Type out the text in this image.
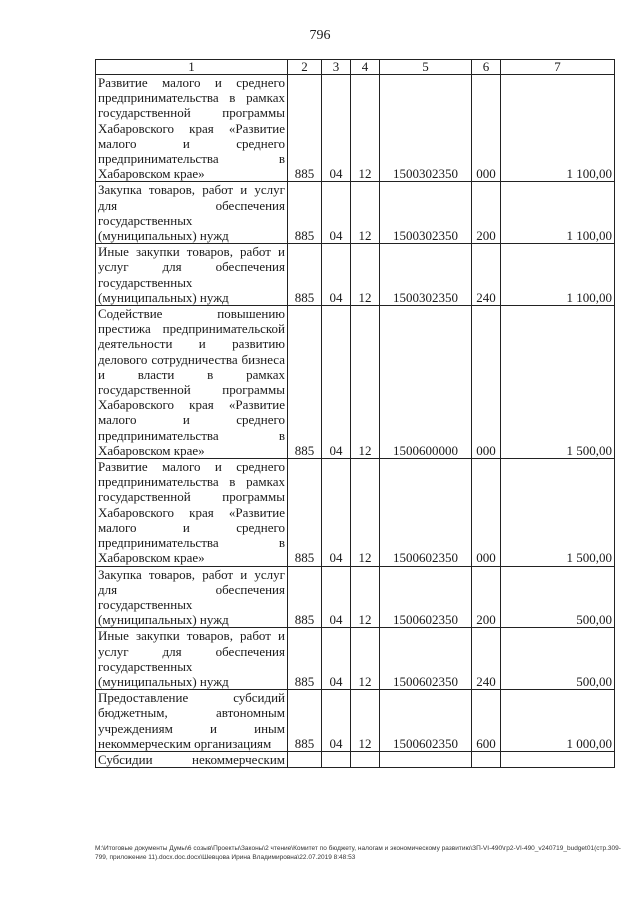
796
1	2	3	4	5	6	7
Развитие малого и среднего предпринимательства в рамках государственной программы Хабаровского края «Развитие малого и среднего предпринимательства в Хабаровском крае»	885	04	12	1500302350	000	1 100,00
Закупка товаров, работ и услуг для обеспечения государственных (муниципальных) нужд	885	04	12	1500302350	200	1 100,00
Иные закупки товаров, работ и услуг для обеспечения государственных (муниципальных) нужд	885	04	12	1500302350	240	1 100,00
Содействие повышению престижа предпринимательской деятельности и развитию делового сотрудничества бизнеса и власти в рамках государственной программы Хабаровского края «Развитие малого и среднего предпринимательства в Хабаровском крае»	885	04	12	1500600000	000	1 500,00
Развитие малого и среднего предпринимательства в рамках государственной программы Хабаровского края «Развитие малого и среднего предпринимательства в Хабаровском крае»	885	04	12	1500602350	000	1 500,00
Закупка товаров, работ и услуг для обеспечения государственных (муниципальных) нужд	885	04	12	1500602350	200	500,00
Иные закупки товаров, работ и услуг для обеспечения государственных (муниципальных) нужд	885	04	12	1500602350	240	500,00
Предоставление субсидий бюджетным, автономным учреждениям и иным некоммерческим организациям	885	04	12	1500602350	600	1 000,00
Субсидии некоммерческим						
М:\Итоговые документы Думы\6 созыв\Проекты\Законы\2 чтение\Комитет по бюджету, налогам и экономическому развитию\ЗП-VI-490\гр2-VI-490_v240719_budget01(стр.309-799, приложение 11).docx.doc.docx\Шевцова Ирина Владимировна\22.07.2019 8:48:53
